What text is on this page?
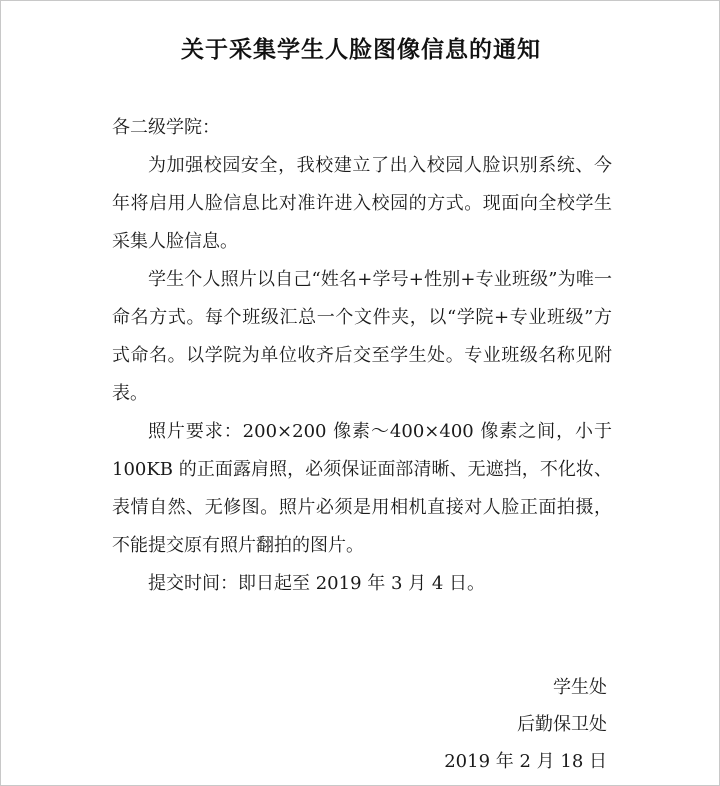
关于采集学生人脸图像信息的通知

各二级学院：

为加强校园安全，我校建立了出入校园人脸识别系统、今年将启用人脸信息比对准许进入校园的方式。现面向全校学生采集人脸信息。

学生个人照片以自己“姓名+学号+性别+专业班级”为唯一命名方式。每个班级汇总一个文件夹，以“学院+专业班级”方式命名。以学院为单位收齐后交至学生处。专业班级名称见附表。

照片要求：200×200 像素～400×400 像素之间，小于100KB 的正面露肩照，必须保证面部清晰、无遮挡，不化妆、表情自然、无修图。照片必须是用相机直接对人脸正面拍摄，不能提交原有照片翻拍的图片。

提交时间：即日起至 2019 年 3 月 4 日。

学生处
后勤保卫处
2019 年 2 月 18 日
